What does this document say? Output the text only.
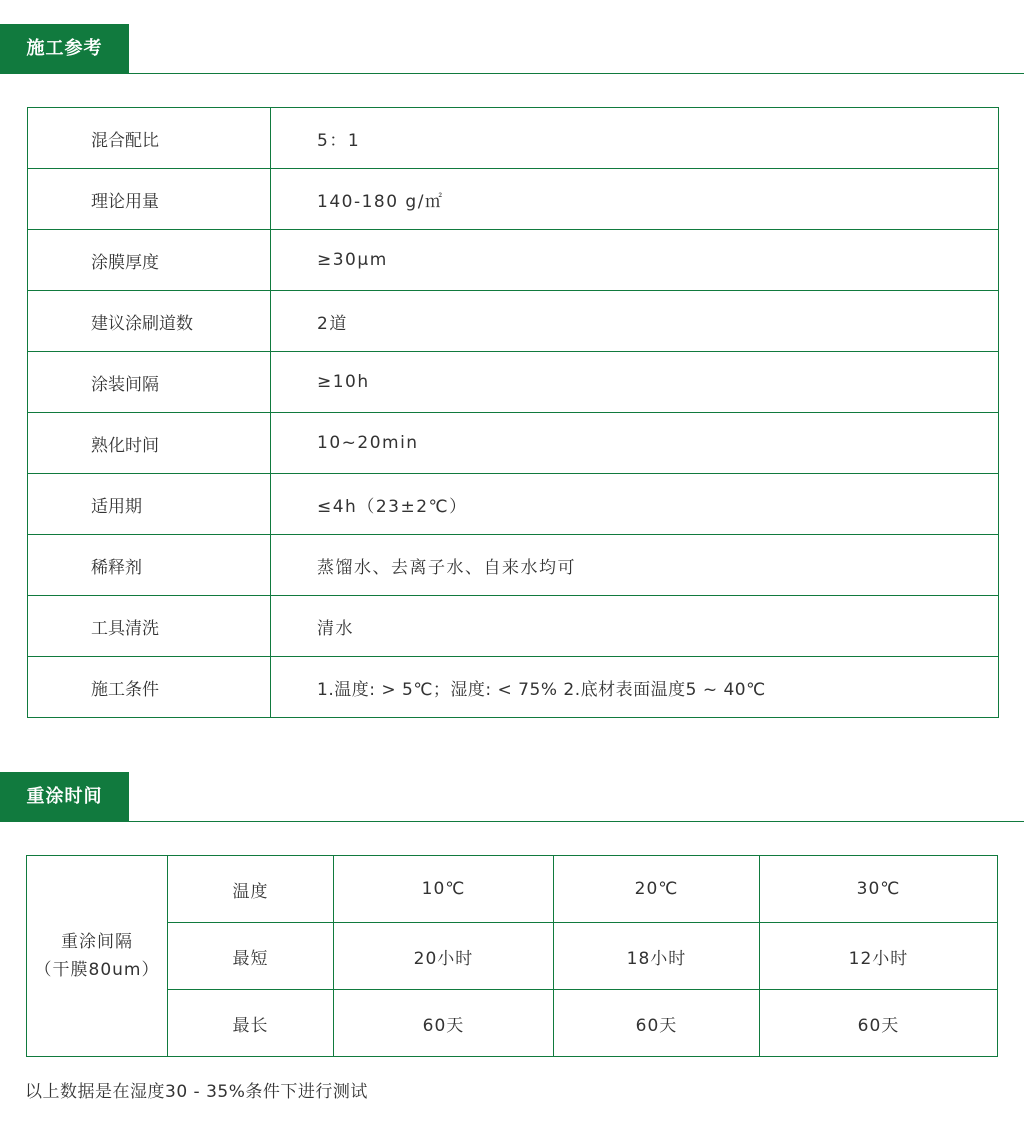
施工参考
混合配比	5：1
理论用量	140-180 g/㎡
涂膜厚度	≥30μm
建议涂刷道数	2道
涂装间隔	≥10h
熟化时间	10~20min
适用期	≤4h（23±2℃）
稀释剂	蒸馏水、去离子水、自来水均可
工具清洗	清水
施工条件	1.温度: > 5℃；湿度: < 75% 2.底材表面温度5 ~ 40℃
重涂时间
重涂间隔
（干膜80um）	温度	10℃	20℃	30℃
	最短	20小时	18小时	12小时
	最长	60天	60天	60天
以上数据是在湿度30 - 35%条件下进行测试
